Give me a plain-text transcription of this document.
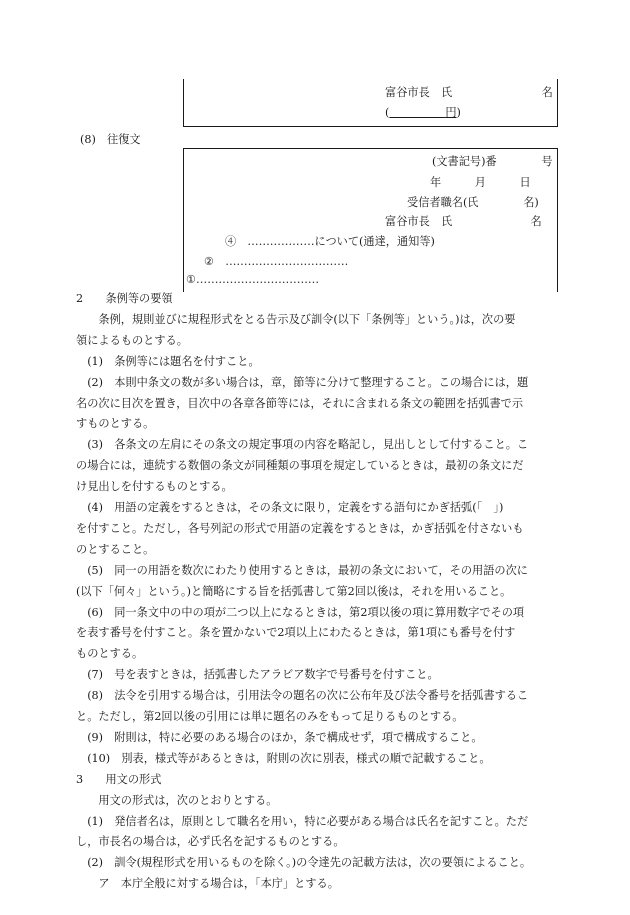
富谷市長　氏　　　　　　　　名
(　　　　　	円)
(8)　往復文
(文書記号)番　　　　号
年　　　月　　　日
受信者職名(氏　　　　名)
富谷市長　氏　　　　　　　名
④　………………について(通達，通知等)
②　……………………………
①……………………………
2　　条例等の要領
　　条例，規則並びに規程形式をとる告示及び訓令(以下「条例等」という。)は，次の要
領によるものとする。
　(1)　条例等には題名を付すこと。
　(2)　本則中条文の数が多い場合は，章，節等に分けて整理すること。この場合には，題
名の次に目次を置き，目次中の各章各節等には，それに含まれる条文の範囲を括弧書で示
すものとする。
　(3)　各条文の左肩にその条文の規定事項の内容を略記し，見出しとして付すること。こ
の場合には，連続する数個の条文が同種類の事項を規定しているときは，最初の条文にだ
け見出しを付するものとする。
　(4)　用語の定義をするときは，その条文に限り，定義をする語句にかぎ括弧(「　」)
を付すこと。ただし，各号列記の形式で用語の定義をするときは，かぎ括弧を付さないも
のとすること。
　(5)　同一の用語を数次にわたり使用するときは，最初の条文において，その用語の次に
(以下「何々」という。)と簡略にする旨を括弧書して第2回以後は，それを用いること。
　(6)　同一条文中の中の項が二つ以上になるときは，第2項以後の項に算用数字でその項
を表す番号を付すこと。条を置かないで2項以上にわたるときは，第1項にも番号を付す
ものとする。
　(7)　号を表すときは，括弧書したアラビア数字で号番号を付すこと。
　(8)　法令を引用する場合は，引用法令の題名の次に公布年及び法令番号を括弧書するこ
と。ただし，第2回以後の引用には単に題名のみをもって足りるものとする。
　(9)　附則は，特に必要のある場合のほか，条で構成せず，項で構成すること。
　(10)　別表，様式等があるときは，附則の次に別表，様式の順で記載すること。
3　　用文の形式
　　用文の形式は，次のとおりとする。
　(1)　発信者名は，原則として職名を用い，特に必要がある場合は氏名を記すこと。ただ
し，市長名の場合は，必ず氏名を記するものとする。
　(2)　訓令(規程形式を用いるものを除く。)の令達先の記載方法は，次の要領によること。
　　ア　本庁全般に対する場合は，「本庁」とする。
